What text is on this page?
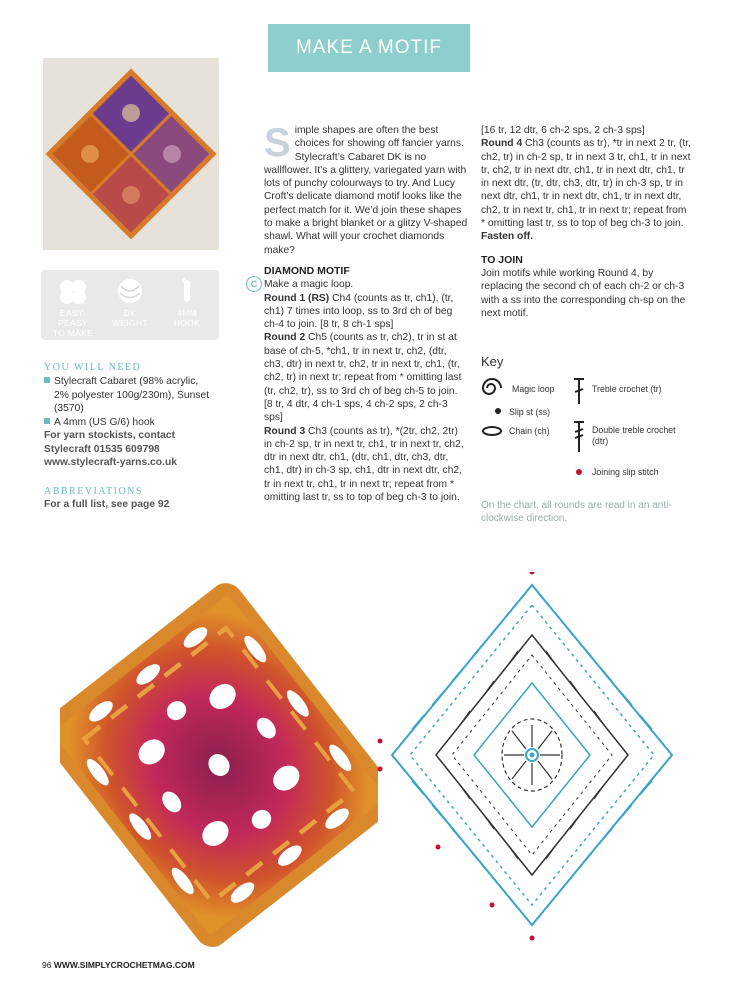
MAKE A MOTIF
EASY-PEASY
TO MAKE
DK
WEIGHT
4MM
HOOK
YOU WILL NEED
Stylecraft Cabaret (98% acrylic, 2% polyester 100g/230m), Sunset (3570)
A 4mm (US G/6) hook
For yarn stockists, contact
Stylecraft 01535 609798
www.stylecraft-yarns.co.uk
ABBREVIATIONS
For a full list, see page 92
Simple shapes are often the best choices for showing off fancier yarns. Stylecraft’s Cabaret DK is no wallflower. It’s a glittery, variegated yarn with lots of punchy colourways to try. And Lucy Croft’s delicate diamond motif looks like the perfect match for it. We’d join these shapes to make a bright blanket or a glitzy V-shaped shawl. What will your crochet diamonds make?
DIAMOND MOTIF
Make a magic loop.
Round 1 (RS) Ch4 (counts as tr, ch1), (tr, ch1) 7 times into loop, ss to 3rd ch of beg ch-4 to join. [8 tr, 8 ch-1 sps]
Round 2 Ch5 (counts as tr, ch2), tr in st at base of ch-5, *ch1, tr in next tr, ch2, (dtr, ch3, dtr) in next tr, ch2, tr in next tr, ch1, (tr, ch2, tr) in next tr; repeat from * omitting last (tr, ch2, tr), ss to 3rd ch of beg ch-5 to join. [8 tr, 4 dtr, 4 ch-1 sps, 4 ch-2 sps, 2 ch-3 sps]
Round 3 Ch3 (counts as tr), *(2tr, ch2, 2tr) in ch-2 sp, tr in next tr, ch1, tr in next tr, ch2, dtr in next dtr, ch1, (dtr, ch1, dtr, ch3, dtr, ch1, dtr) in ch-3 sp, ch1, dtr in next dtr, ch2, tr in next tr, ch1, tr in next tr; repeat from * omitting last tr, ss to top of beg ch-3 to join.
C
[16 tr, 12 dtr, 6 ch-2 sps, 2 ch-3 sps]
Round 4 Ch3 (counts as tr), *tr in next 2 tr, (tr, ch2, tr) in ch-2 sp, tr in next 3 tr, ch1, tr in next tr, ch2, tr in next dtr, ch1, tr in next dtr, ch1, tr in next dtr, (tr, dtr, ch3, dtr, tr) in ch-3 sp, tr in next dtr, ch1, tr in next dtr, ch1, tr in next dtr, ch2, tr in next tr, ch1, tr in next tr; repeat from * omitting last tr, ss to top of beg ch-3 to join. Fasten off.
TO JOIN
Join motifs while working Round 4, by replacing the second ch of each ch-2 or ch-3 with a ss into the corresponding ch-sp on the next motif.
Key
Magic loop
Slip st (ss)
Chain (ch)
Treble crochet (tr)
Double treble crochet
(dtr)
Joining slip stitch
On the chart, all rounds are read in an anti-clockwise direction.
96 WWW.SIMPLYCROCHETMAG.COM
